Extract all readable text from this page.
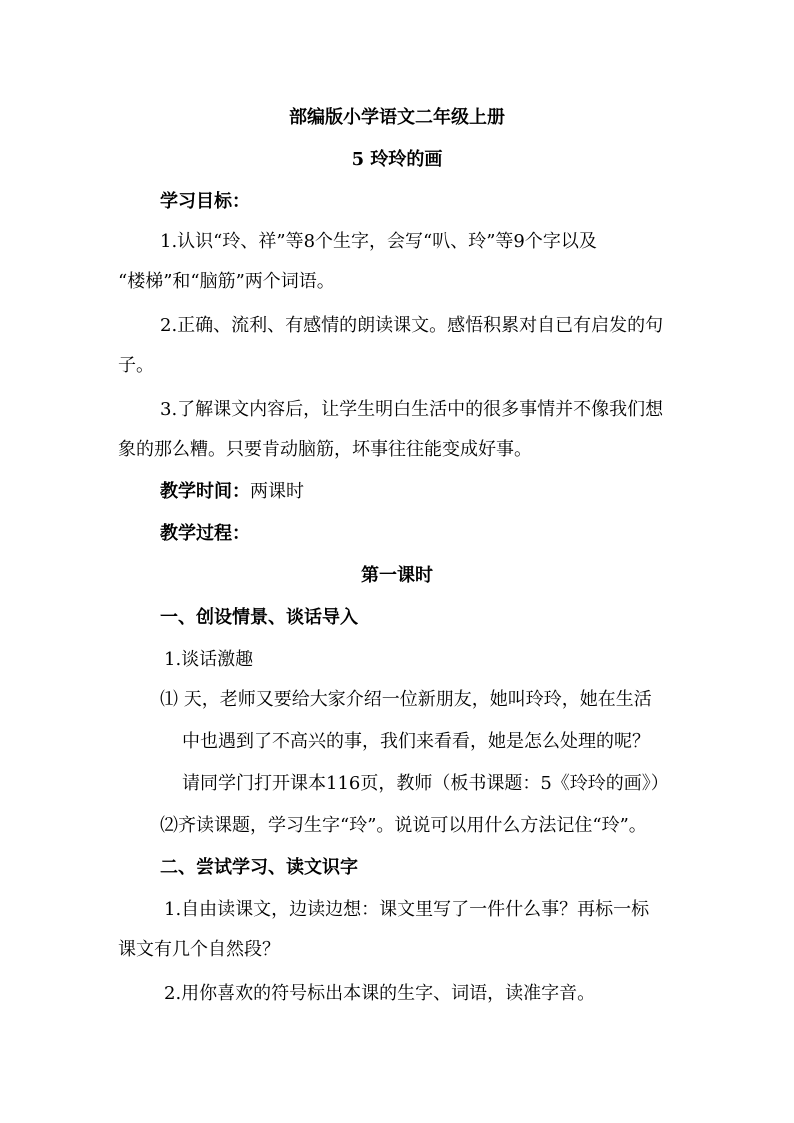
部编版小学语文二年级上册
5 玲玲的画
学习目标：
1.认识“玲、祥”等8个生字，会写“叭、玲”等9个字以及
“楼梯”和“脑筋”两个词语。
2.正确、流利、有感情的朗读课文。感悟积累对自已有启发的句
子。
3.了解课文内容后，让学生明白生活中的很多事情并不像我们想
象的那么糟。只要肯动脑筋，坏事往往能变成好事。
教学时间：两课时
教学过程：
第一课时
一、创设情景、谈话导入
1.谈话激趣
⑴ 天，老师又要给大家介绍一位新朋友，她叫玲玲，她在生活
中也遇到了不高兴的事，我们来看看，她是怎么处理的呢？
请同学门打开课本116页，教师（板书课题：5《玲玲的画》）
⑵齐读课题，学习生字“玲”。说说可以用什么方法记住“玲”。
二、尝试学习、读文识字
1.自由读课文，边读边想：课文里写了一件什么事？再标一标
课文有几个自然段？
2.用你喜欢的符号标出本课的生字、词语，读准字音。
